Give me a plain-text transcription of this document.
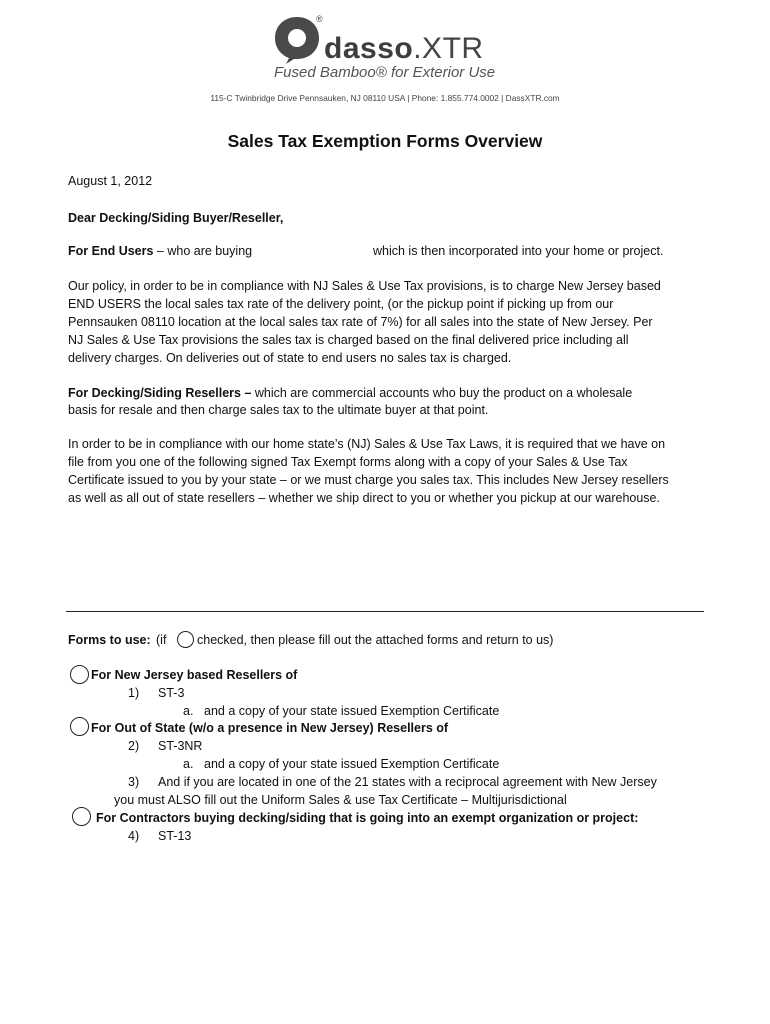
®
dasso.XTR
Fused Bamboo® for Exterior Use
115-C Twinbridge Drive Pennsauken, NJ 08110 USA | Phone: 1.855.774.0002 | DassXTR.com
Sales Tax Exemption Forms Overview
August 1, 2012
Dear Decking/Siding Buyer/Reseller,
For End Users – who are buying	which is then incorporated into your home or project.
Our policy, in order to be in compliance with NJ Sales & Use Tax provisions, is to charge New Jersey based
END USERS the local sales tax rate of the delivery point, (or the pickup point if picking up from our
Pennsauken 08110 location at the local sales tax rate of 7%) for all sales into the state of New Jersey. Per
NJ Sales & Use Tax provisions the sales tax is charged based on the final delivered price including all
delivery charges. On deliveries out of state to end users no sales tax is charged.
For Decking/Siding Resellers – which are commercial accounts who buy the product on a wholesale
basis for resale and then charge sales tax to the ultimate buyer at that point.
In order to be in compliance with our home state’s (NJ) Sales & Use Tax Laws, it is required that we have on
file from you one of the following signed Tax Exempt forms along with a copy of your Sales & Use Tax
Certificate issued to you by your state – or we must charge you sales tax. This includes New Jersey resellers
as well as all out of state resellers – whether we ship direct to you or whether you pickup at our warehouse.
Forms to use: (if checked, then please fill out the attached forms and return to us)
For New Jersey based Resellers of
1) ST-3
a. and a copy of your state issued Exemption Certificate
For Out of State (w/o a presence in New Jersey) Resellers of
2) ST-3NR
a. and a copy of your state issued Exemption Certificate
3) And if you are located in one of the 21 states with a reciprocal agreement with New Jersey
you must ALSO fill out the Uniform Sales & use Tax Certificate – Multijurisdictional
For Contractors buying decking/siding that is going into an exempt organization or project:
4) ST-13
